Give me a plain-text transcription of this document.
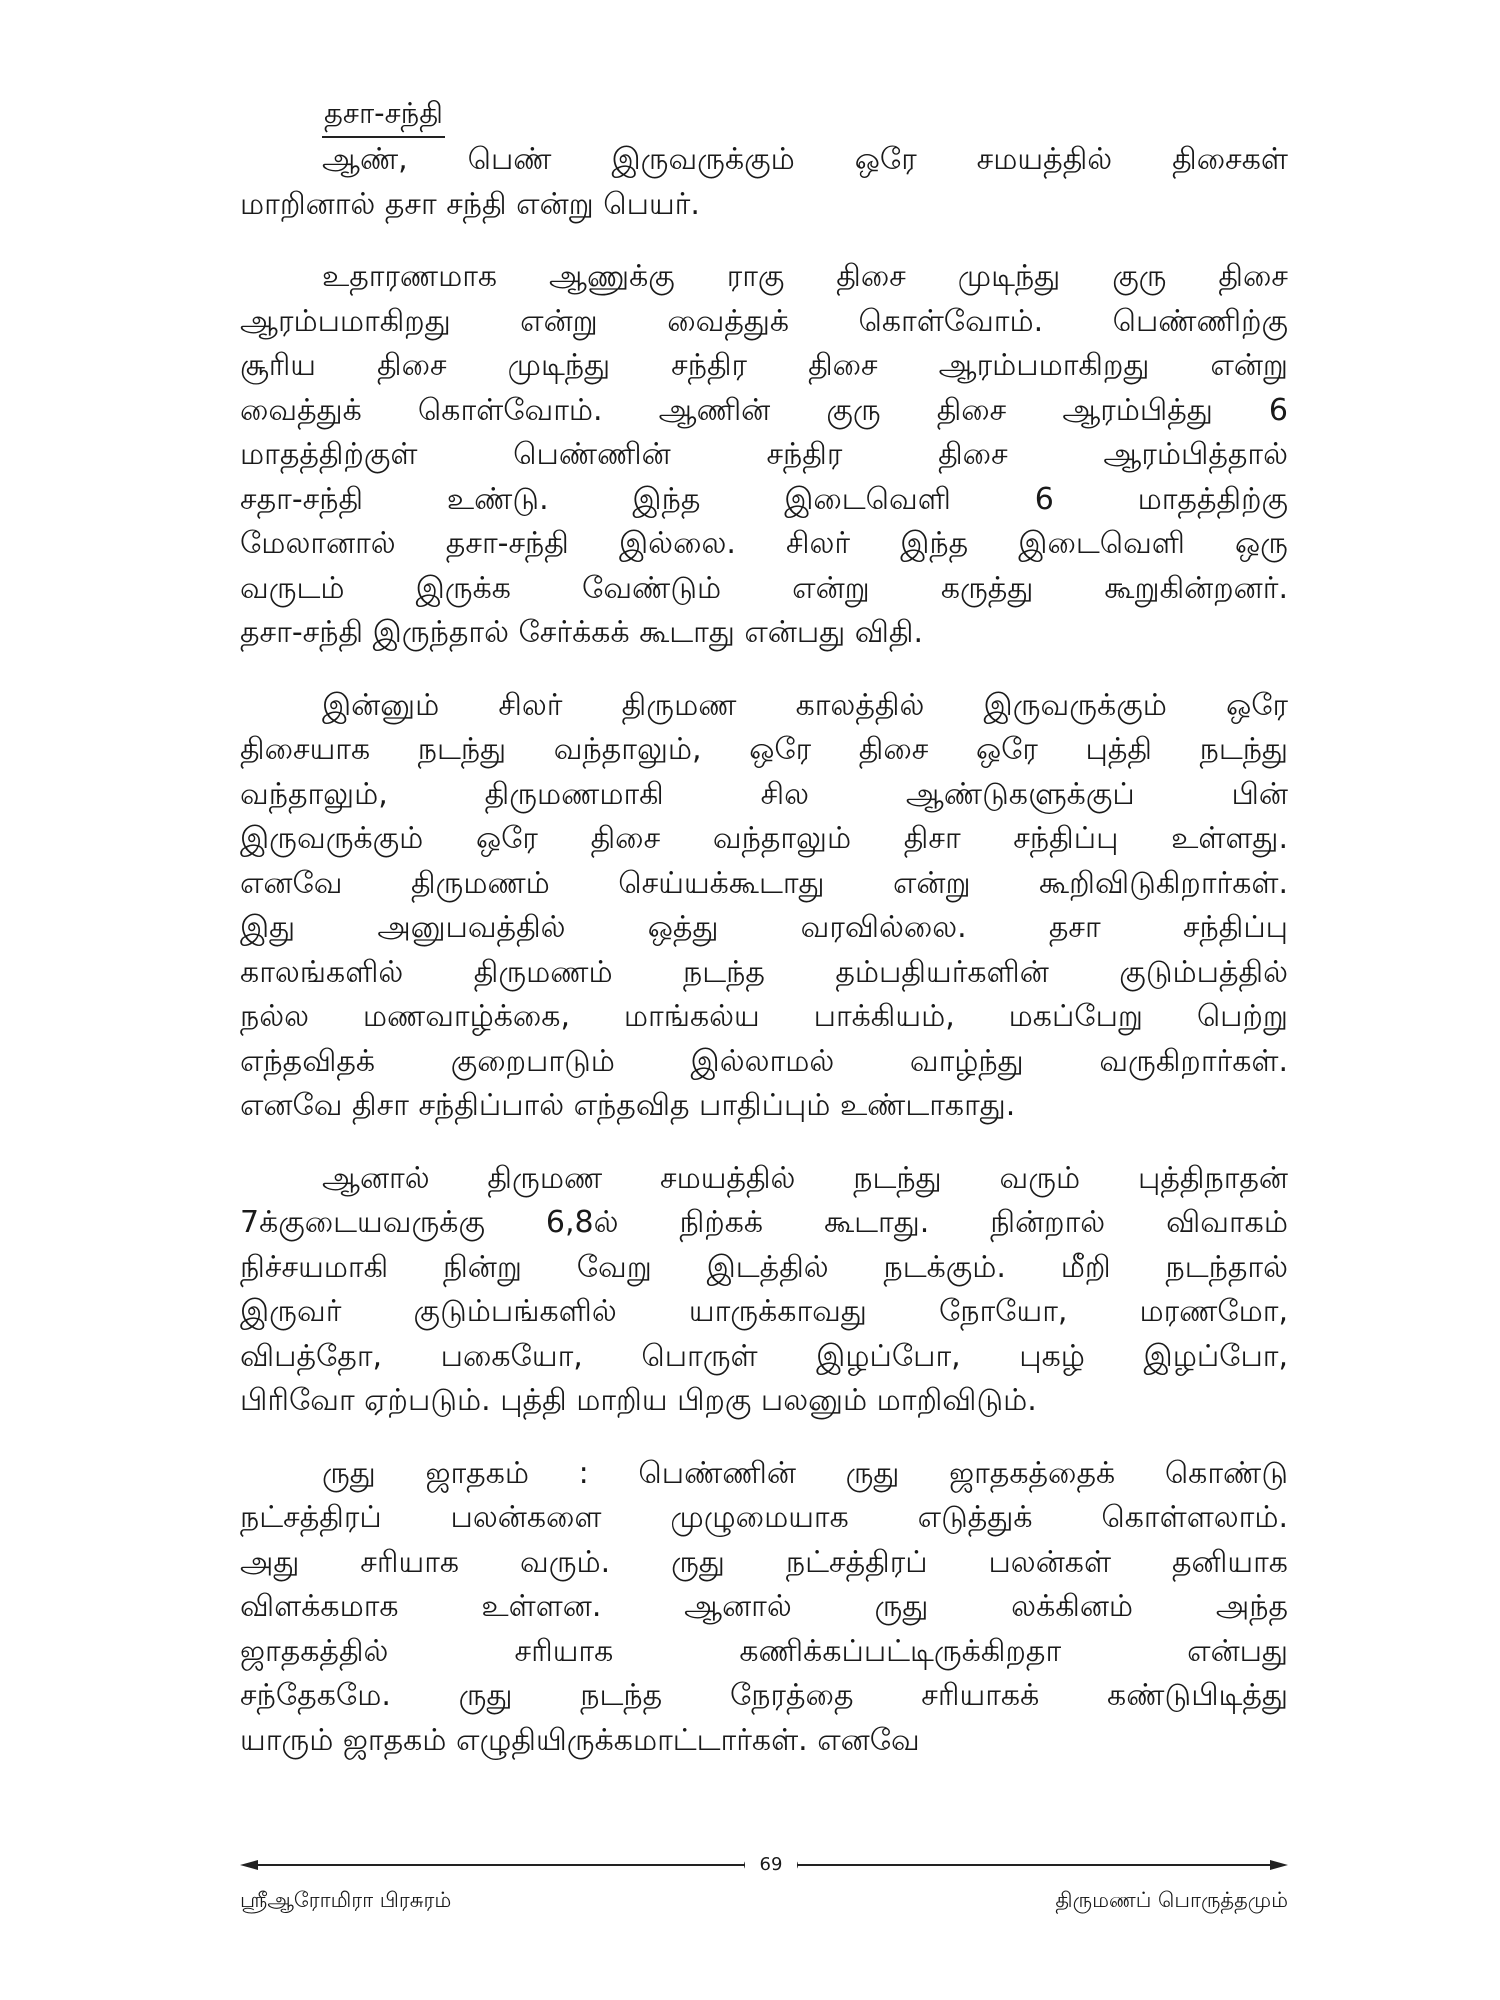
தசா-சந்தி

ஆண், பெண் இருவருக்கும் ஒரே சமயத்தில் திசைகள்
மாறினால் தசா சந்தி என்று பெயர்.

உதாரணமாக ஆணுக்கு ராகு திசை முடிந்து குரு திசை
ஆரம்பமாகிறது என்று வைத்துக் கொள்வோம். பெண்ணிற்கு
சூரிய திசை முடிந்து சந்திர திசை ஆரம்பமாகிறது என்று
வைத்துக் கொள்வோம். ஆணின் குரு திசை ஆரம்பித்து 6
மாதத்திற்குள் பெண்ணின் சந்திர திசை ஆரம்பித்தால்
சதா-சந்தி உண்டு. இந்த இடைவெளி 6 மாதத்திற்கு
மேலானால் தசா-சந்தி இல்லை. சிலர் இந்த இடைவெளி ஒரு
வருடம் இருக்க வேண்டும் என்று கருத்து கூறுகின்றனர்.
தசா-சந்தி இருந்தால் சேர்க்கக் கூடாது என்பது விதி.

இன்னும் சிலர் திருமண காலத்தில் இருவருக்கும் ஒரே
திசையாக நடந்து வந்தாலும், ஒரே திசை ஒரே புத்தி நடந்து
வந்தாலும், திருமணமாகி சில ஆண்டுகளுக்குப் பின்
இருவருக்கும் ஒரே திசை வந்தாலும் திசா சந்திப்பு உள்ளது.
எனவே திருமணம் செய்யக்கூடாது என்று கூறிவிடுகிறார்கள்.
இது அனுபவத்தில் ஒத்து வரவில்லை. தசா சந்திப்பு
காலங்களில் திருமணம் நடந்த தம்பதியர்களின் குடும்பத்தில்
நல்ல மணவாழ்க்கை, மாங்கல்ய பாக்கியம், மகப்பேறு பெற்று
எந்தவிதக் குறைபாடும் இல்லாமல் வாழ்ந்து வருகிறார்கள்.
எனவே திசா சந்திப்பால் எந்தவித பாதிப்பும் உண்டாகாது.

ஆனால் திருமண சமயத்தில் நடந்து வரும் புத்திநாதன்
7க்குடையவருக்கு 6,8ல் நிற்கக் கூடாது. நின்றால் விவாகம்
நிச்சயமாகி நின்று வேறு இடத்தில் நடக்கும். மீறி நடந்தால்
இருவர் குடும்பங்களில் யாருக்காவது நோயோ, மரணமோ,
விபத்தோ, பகையோ, பொருள் இழப்போ, புகழ் இழப்போ,
பிரிவோ ஏற்படும். புத்தி மாறிய பிறகு பலனும் மாறிவிடும்.

ருது ஜாதகம் : பெண்ணின் ருது ஜாதகத்தைக் கொண்டு
நட்சத்திரப் பலன்களை முழுமையாக எடுத்துக் கொள்ளலாம்.
அது சரியாக வரும். ருது நட்சத்திரப் பலன்கள் தனியாக
விளக்கமாக உள்ளன. ஆனால் ருது லக்கினம் அந்த
ஜாதகத்தில் சரியாக கணிக்கப்பட்டிருக்கிறதா என்பது
சந்தேகமே. ருது நடந்த நேரத்தை சரியாகக் கண்டுபிடித்து
யாரும் ஜாதகம் எழுதியிருக்கமாட்டார்கள். எனவே

69
ஸ்ரீஆரோமிரா பிரசுரம்	திருமணப் பொருத்தமும்
